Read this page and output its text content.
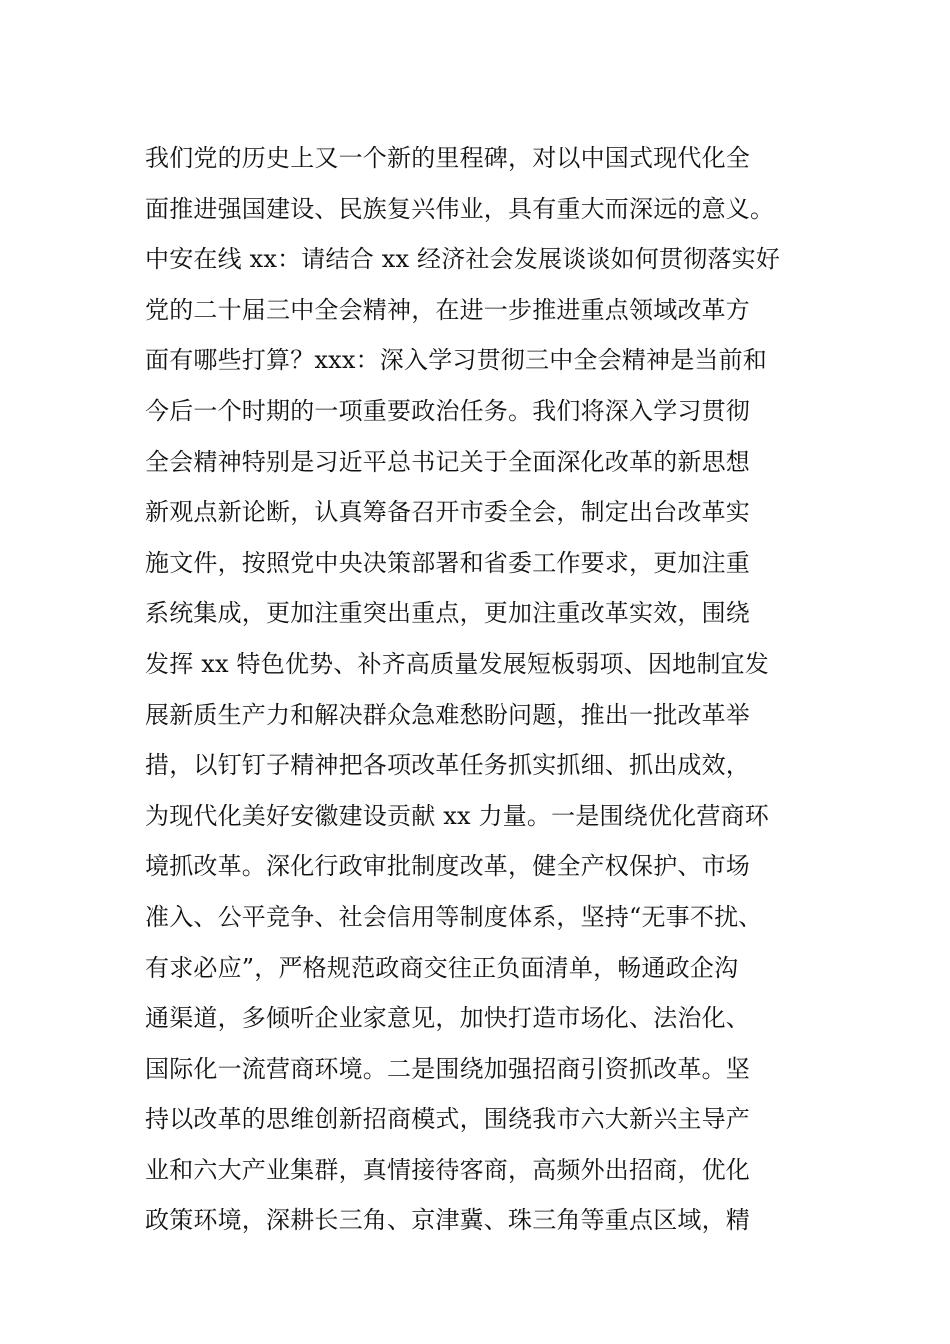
我们党的历史上又一个新的里程碑，对以中国式现代化全
面推进强国建设、民族复兴伟业，具有重大而深远的意义。
中安在线 xx：请结合 xx 经济社会发展谈谈如何贯彻落实好
党的二十届三中全会精神，在进一步推进重点领域改革方
面有哪些打算？xxx：深入学习贯彻三中全会精神是当前和
今后一个时期的一项重要政治任务。我们将深入学习贯彻
全会精神特别是习近平总书记关于全面深化改革的新思想
新观点新论断，认真筹备召开市委全会，制定出台改革实
施文件，按照党中央决策部署和省委工作要求，更加注重
系统集成，更加注重突出重点，更加注重改革实效，围绕
发挥 xx 特色优势、补齐高质量发展短板弱项、因地制宜发
展新质生产力和解决群众急难愁盼问题，推出一批改革举
措，以钉钉子精神把各项改革任务抓实抓细、抓出成效，
为现代化美好安徽建设贡献 xx 力量。一是围绕优化营商环
境抓改革。深化行政审批制度改革，健全产权保护、市场
准入、公平竞争、社会信用等制度体系，坚持“无事不扰、
有求必应”，严格规范政商交往正负面清单，畅通政企沟
通渠道，多倾听企业家意见，加快打造市场化、法治化、
国际化一流营商环境。二是围绕加强招商引资抓改革。坚
持以改革的思维创新招商模式，围绕我市六大新兴主导产
业和六大产业集群，真情接待客商，高频外出招商，优化
政策环境，深耕长三角、京津冀、珠三角等重点区域，精
